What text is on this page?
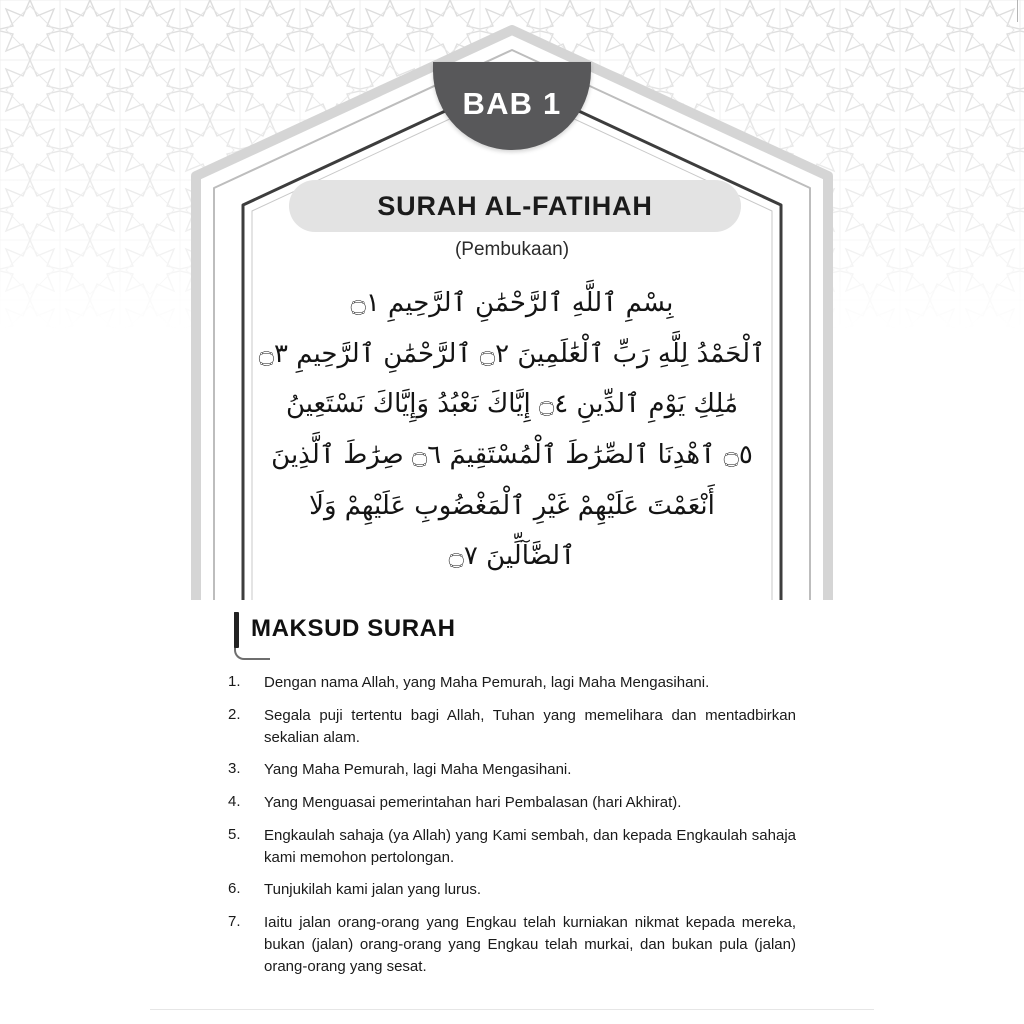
BAB 1
SURAH AL-FATIHAH
(Pembukaan)
بِسْمِ ٱللَّهِ ٱلرَّحْمَٰنِ ٱلرَّحِيمِ ۝١
ٱلْحَمْدُ لِلَّهِ رَبِّ ٱلْعَٰلَمِينَ ۝٢ ٱلرَّحْمَٰنِ ٱلرَّحِيمِ ۝٣
مَٰلِكِ يَوْمِ ٱلدِّينِ ۝٤ إِيَّاكَ نَعْبُدُ وَإِيَّاكَ نَسْتَعِينُ
۝٥ ٱهْدِنَا ٱلصِّرَٰطَ ٱلْمُسْتَقِيمَ ۝٦ صِرَٰطَ ٱلَّذِينَ
أَنْعَمْتَ عَلَيْهِمْ غَيْرِ ٱلْمَغْضُوبِ عَلَيْهِمْ وَلَا
ٱلضَّآلِّينَ ۝٧
MAKSUD SURAH
1.	Dengan nama Allah, yang Maha Pemurah, lagi Maha Mengasihani.
2.	Segala puji tertentu bagi Allah, Tuhan yang memelihara dan mentadbirkan sekalian alam.
3.	Yang Maha Pemurah, lagi Maha Mengasihani.
4.	Yang Menguasai pemerintahan hari Pembalasan (hari Akhirat).
5.	Engkaulah sahaja (ya Allah) yang Kami sembah, dan kepada Engkaulah sahaja kami memohon pertolongan.
6.	Tunjukilah kami jalan yang lurus.
7.	Iaitu jalan orang-orang yang Engkau telah kurniakan nikmat kepada mereka, bukan (jalan) orang-orang yang Engkau telah murkai, dan bukan pula (jalan) orang-orang yang sesat.
